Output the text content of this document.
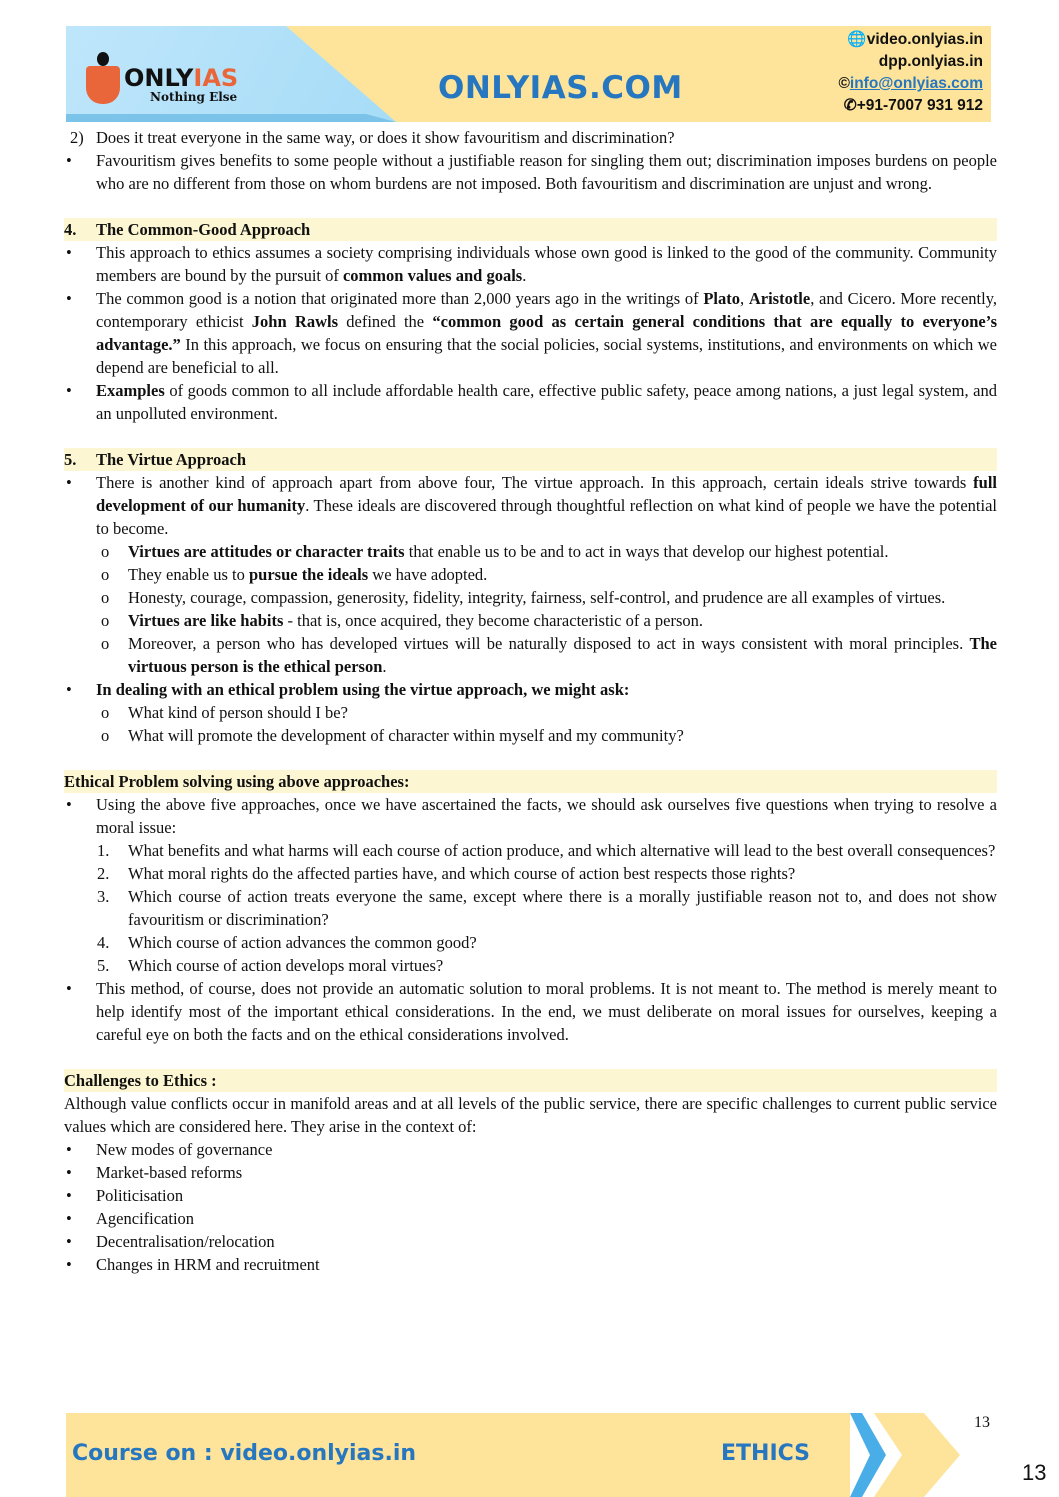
ONLYIAS
Nothing Else	ONLYIAS.COM
🌐video.onlyias.in
dpp.onlyias.in
©info@onlyias.com
✆+91-7007 931 912
2) Does it treat everyone in the same way, or does it show favouritism and discrimination?
• Favouritism gives benefits to some people without a justifiable reason for singling them out; discrimination imposes burdens on people who are no different from those on whom burdens are not imposed. Both favouritism and discrimination are unjust and wrong.
4. The Common-Good Approach
• This approach to ethics assumes a society comprising individuals whose own good is linked to the good of the community. Community members are bound by the pursuit of common values and goals.
• The common good is a notion that originated more than 2,000 years ago in the writings of Plato, Aristotle, and Cicero. More recently, contemporary ethicist John Rawls defined the “common good as certain general conditions that are equally to everyone’s advantage.” In this approach, we focus on ensuring that the social policies, social systems, institutions, and environments on which we depend are beneficial to all.
• Examples of goods common to all include affordable health care, effective public safety, peace among nations, a just legal system, and an unpolluted environment.
5. The Virtue Approach
• There is another kind of approach apart from above four, The virtue approach. In this approach, certain ideals strive towards full development of our humanity. These ideals are discovered through thoughtful reflection on what kind of people we have the potential to become.
o Virtues are attitudes or character traits that enable us to be and to act in ways that develop our highest potential.
o They enable us to pursue the ideals we have adopted.
o Honesty, courage, compassion, generosity, fidelity, integrity, fairness, self-control, and prudence are all examples of virtues.
o Virtues are like habits - that is, once acquired, they become characteristic of a person.
o Moreover, a person who has developed virtues will be naturally disposed to act in ways consistent with moral principles. The virtuous person is the ethical person.
• In dealing with an ethical problem using the virtue approach, we might ask:
o What kind of person should I be?
o What will promote the development of character within myself and my community?
Ethical Problem solving using above approaches:
• Using the above five approaches, once we have ascertained the facts, we should ask ourselves five questions when trying to resolve a moral issue:
1. What benefits and what harms will each course of action produce, and which alternative will lead to the best overall consequences?
2. What moral rights do the affected parties have, and which course of action best respects those rights?
3. Which course of action treats everyone the same, except where there is a morally justifiable reason not to, and does not show favouritism or discrimination?
4. Which course of action advances the common good?
5. Which course of action develops moral virtues?
• This method, of course, does not provide an automatic solution to moral problems. It is not meant to. The method is merely meant to help identify most of the important ethical considerations. In the end, we must deliberate on moral issues for ourselves, keeping a careful eye on both the facts and on the ethical considerations involved.
Challenges to Ethics :
Although value conflicts occur in manifold areas and at all levels of the public service, there are specific challenges to current public service values which are considered here. They arise in the context of:
• New modes of governance
• Market-based reforms
• Politicisation
• Agencification
• Decentralisation/relocation
• Changes in HRM and recruitment
Course on : video.onlyias.in	ETHICS
13
13
